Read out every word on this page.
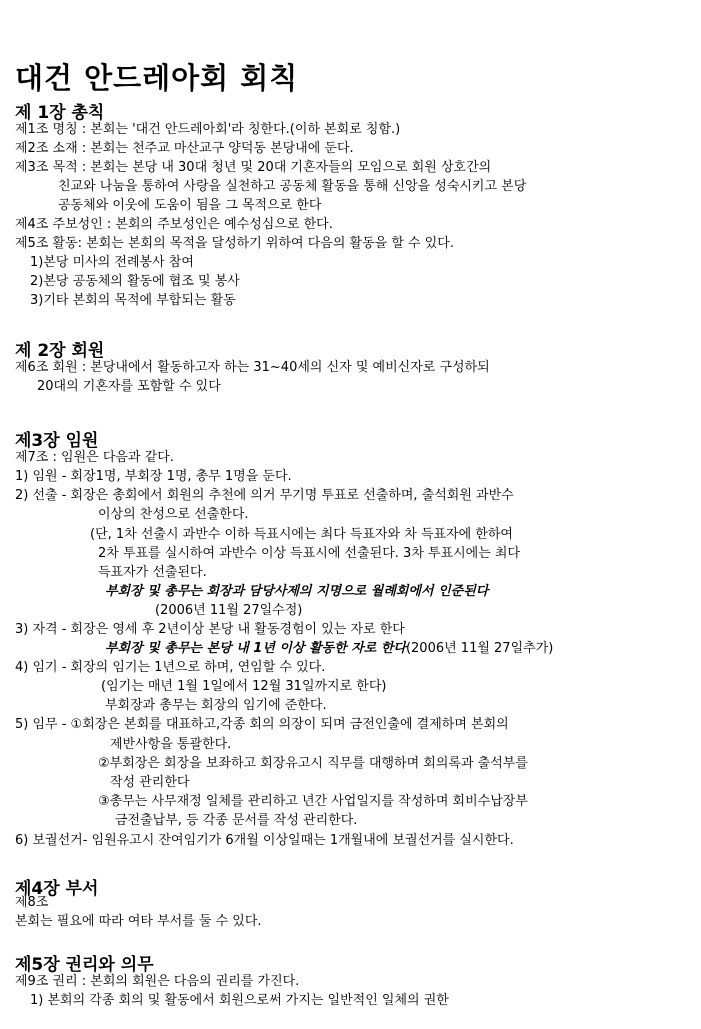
대건 안드레아회 회칙
제 1장 총칙
제1조 명칭 : 본회는 '대건 안드레아회'라 칭한다.(이하 본회로 칭함.)
제2조 소재 : 본회는 천주교 마산교구 양덕동 본당내에 둔다.
제3조 목적 : 본회는 본당 내 30대 청년 및 20대 기혼자들의 모임으로 회원 상호간의
친교와 나눔을 통하여 사랑을 실천하고 공동체 활동을 통해 신앙을 성숙시키고 본당
공동체와 이웃에 도움이 됨을 그 목적으로 한다
제4조 주보성인 : 본회의 주보성인은 예수성심으로 한다.
제5조 활동: 본회는 본회의 목적을 달성하기 위하여 다음의 활동을 할 수 있다.
1)본당 미사의 전례봉사 참여
2)본당 공동체의 활동에 협조 및 봉사
3)기타 본회의 목적에 부합되는 활동
제 2장 회원
제6조 회원 : 본당내에서 활동하고자 하는 31~40세의 신자 및 예비신자로 구성하되
20대의 기혼자를 포함할 수 있다
제3장 임원
제7조 : 임원은 다음과 같다.
1) 임원 - 회장1명, 부회장 1명, 총무 1명을 둔다.
2) 선출 - 회장은 총회에서 회원의 추천에 의거 무기명 투표로 선출하며, 출석회원 과반수
이상의 찬성으로 선출한다.
(단, 1차 선출시 과반수 이하 득표시에는 최다 득표자와 차 득표자에 한하여
2차 투표를 실시하여 과반수 이상 득표시에 선출된다. 3차 투표시에는 최다
득표자가 선출된다.
부회장 및 총무는 회장과 담당사제의 지명으로 월례회에서 인준된다
(2006년 11월 27일수정)
3) 자격 - 회장은 영세 후 2년이상 본당 내 활동경험이 있는 자로 한다
부회장 및 총무는 본당 내 1년 이상 활동한 자로 한다(2006년 11월 27일추가)
4) 임기 - 회장의 임기는 1년으로 하며, 연임할 수 있다.
(임기는 매년 1월 1일에서 12월 31일까지로 한다)
부회장과 총무는 회장의 임기에 준한다.
5) 임무 - ①회장은 본회를 대표하고,각종 회의 의장이 되며 금전인출에 결제하며 본회의
제반사항을 통괄한다.
②부회장은 회장을 보좌하고 회장유고시 직무를 대행하며 회의록과 출석부를
작성 관리한다
③총무는 사무재정 일체를 관리하고 년간 사업일지를 작성하며 회비수납장부
금전출납부, 등 각종 문서를 작성 관리한다.
6) 보궐선거- 임원유고시 잔여임기가 6개월 이상일때는 1개월내에 보궐선거를 실시한다.
제4장 부서
제8조
본회는 필요에 따라 여타 부서를 둘 수 있다.
제5장 권리와 의무
제9조 권리 : 본회의 회원은 다음의 권리를 가진다.
1) 본회의 각종 회의 및 활동에서 회원으로써 가지는 일반적인 일체의 권한
